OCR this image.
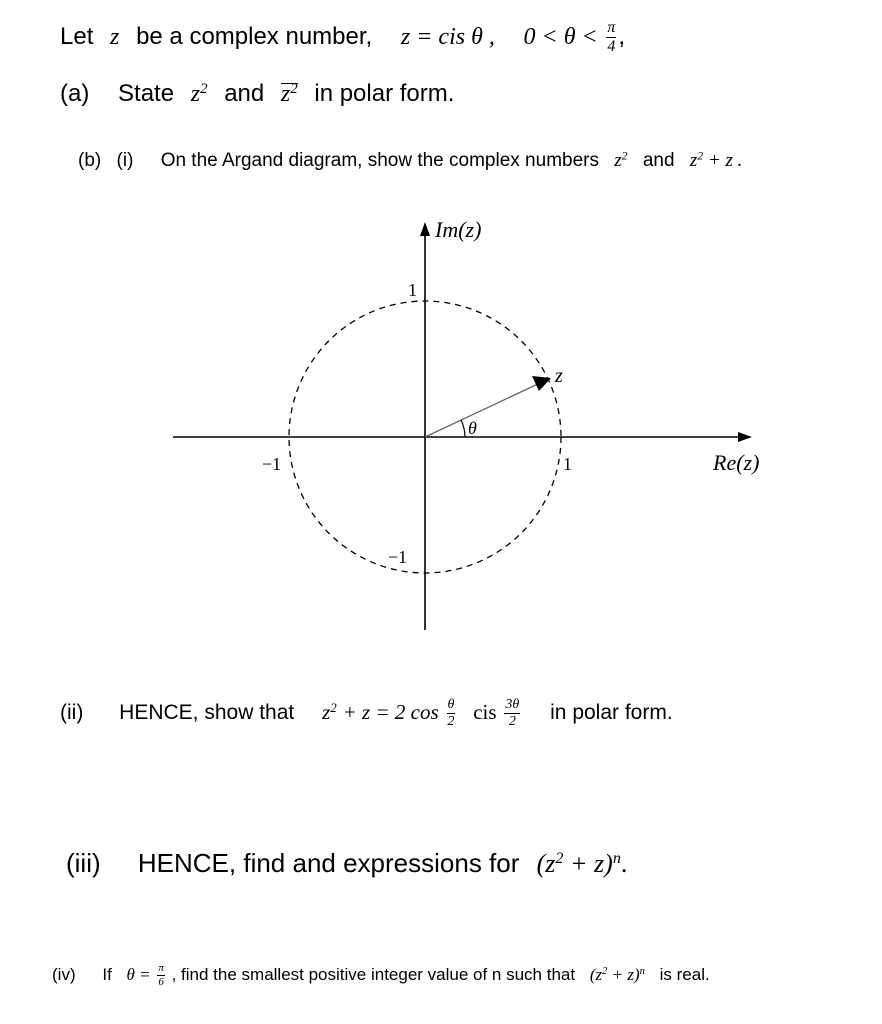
Let z be a complex number, z = cis θ , $0 < \theta < \frac{\pi}{4}$ ,
(a) State $z^2$ and $z^2$ in polar form.
(b) (i) On the Argand diagram, show the complex numbers $z^2$ and $z^2 + z$ .
Im(z)
Re(z)
1
−1
−1	1
z
θ
(ii) HENCE, show that $z^2 + z = 2$ $\cos \frac{\theta}{2}$ cis $\frac{3\theta}{2}$ in polar form.
(iii) HENCE, find and expressions for $(z^2 + z)^n$.
(iv) If $\theta = \frac{\pi}{6}$ , find the smallest positive integer value of n such that $(z^2 + z)^n$ is real.
